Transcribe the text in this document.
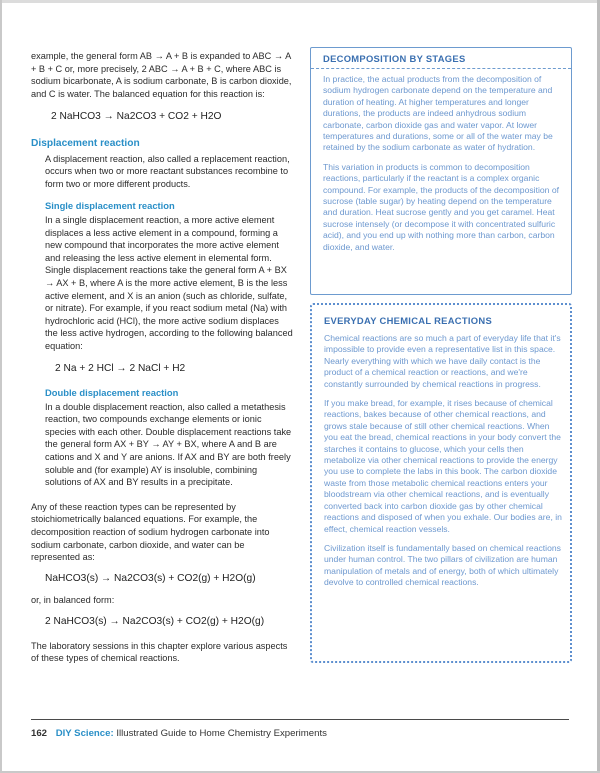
example, the general form AB → A + B is expanded to ABC → A + B + C or, more precisely, 2 ABC → A + B + C, where ABC is sodium bicarbonate, A is sodium carbonate, B is carbon dioxide, and C is water. The balanced equation for this reaction is:

2 NaHCO3 → Na2CO3 + CO2 + H2O

Displacement reaction

A displacement reaction, also called a replacement reaction, occurs when two or more reactant substances recombine to form two or more different products.

Single displacement reaction

In a single displacement reaction, a more active element displaces a less active element in a compound, forming a new compound that incorporates the more active element and releasing the less active element in elemental form. Single displacement reactions take the general form A + BX → AX + B, where A is the more active element, B is the less active element, and X is an anion (such as chloride, sulfate, or nitrate). For example, if you react sodium metal (Na) with hydrochloric acid (HCl), the more active sodium displaces the less active hydrogen, according to the following balanced equation:

2 Na + 2 HCl → 2 NaCl + H2

Double displacement reaction

In a double displacement reaction, also called a metathesis reaction, two compounds exchange elements or ionic species with each other. Double displacement reactions take the general form AX + BY → AY + BX, where A and B are cations and X and Y are anions. If AX and BY are both freely soluble and (for example) AY is insoluble, combining solutions of AX and BY results in a precipitate.

Any of these reaction types can be represented by stoichiometrically balanced equations. For example, the decomposition reaction of sodium hydrogen carbonate into sodium carbonate, carbon dioxide, and water can be represented as:

NaHCO3(s) → Na2CO3(s) + CO2(g) + H2O(g)

or, in balanced form:

2 NaHCO3(s) → Na2CO3(s) + CO2(g) + H2O(g)

The laboratory sessions in this chapter explore various aspects of these types of chemical reactions.

DECOMPOSITION BY STAGES

In practice, the actual products from the decomposition of sodium hydrogen carbonate depend on the temperature and duration of heating. At higher temperatures and longer durations, the products are indeed anhydrous sodium carbonate, carbon dioxide gas and water vapor. At lower temperatures and durations, some or all of the water may be retained by the sodium carbonate as water of hydration.

This variation in products is common to decomposition reactions, particularly if the reactant is a complex organic compound. For example, the products of the decomposition of sucrose (table sugar) by heating depend on the temperature and duration. Heat sucrose gently and you get caramel. Heat sucrose intensely (or decompose it with concentrated sulfuric acid), and you end up with nothing more than carbon, carbon dioxide, and water.

EVERYDAY CHEMICAL REACTIONS

Chemical reactions are so much a part of everyday life that it's impossible to provide even a representative list in this space. Nearly everything with which we have daily contact is the product of a chemical reaction or reactions, and we're constantly surrounded by chemical reactions in progress.

If you make bread, for example, it rises because of chemical reactions, bakes because of other chemical reactions, and grows stale because of still other chemical reactions. When you eat the bread, chemical reactions in your body convert the starches it contains to glucose, which your cells then metabolize via other chemical reactions to provide the energy you use to complete the labs in this book. The carbon dioxide waste from those metabolic chemical reactions enters your bloodstream via other chemical reactions, and is eventually converted back into carbon dioxide gas by other chemical reactions and disposed of when you exhale. Our bodies are, in effect, chemical reaction vessels.

Civilization itself is fundamentally based on chemical reactions under human control. The two pillars of civilization are human manipulation of metals and of energy, both of which ultimately devolve to controlled chemical reactions.

162 DIY Science: Illustrated Guide to Home Chemistry Experiments
